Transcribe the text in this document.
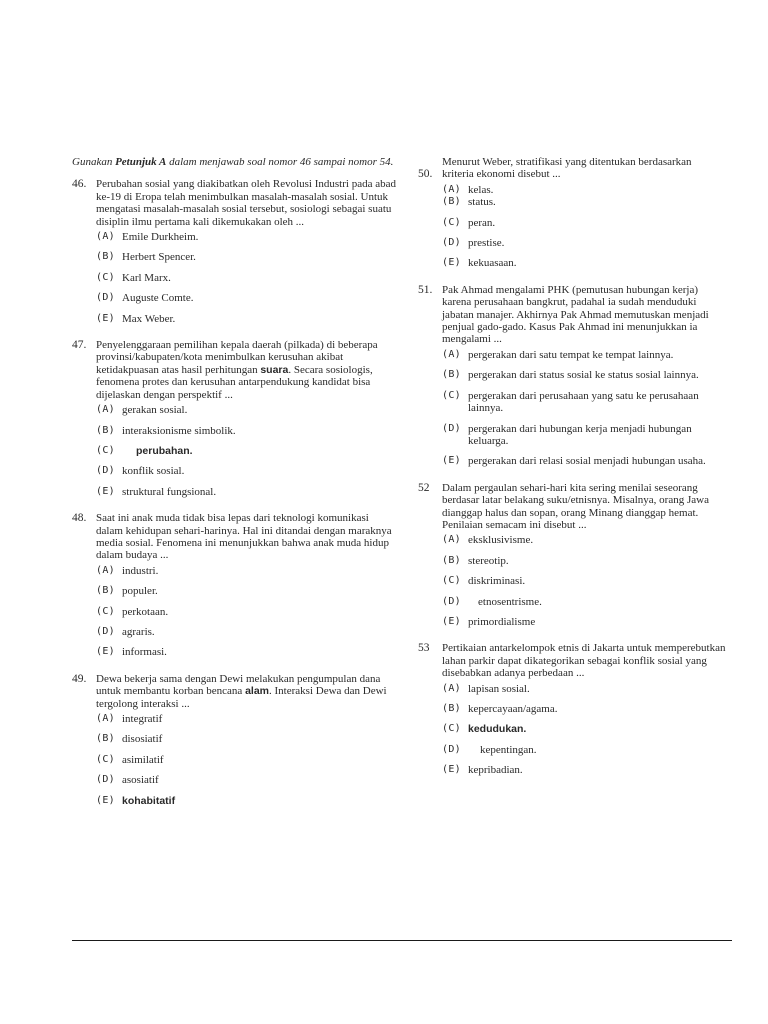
Gunakan Petunjuk A dalam menjawab soal nomor 46 sampai nomor 54.

46. Perubahan sosial yang diakibatkan oleh Revolusi Industri pada abad ke-19 di Eropa telah menimbulkan masalah-masalah sosial. Untuk mengatasi masalah-masalah sosial tersebut, sosiologi sebagai suatu disiplin ilmu pertama kali dikemukakan oleh ...

(A) Emile Durkheim.
(B) Herbert Spencer.
(C) Karl Marx.
(D) Auguste Comte.
(E) Max Weber.
47. Penyelenggaraan pemilihan kepala daerah (pilkada) di beberapa provinsi/kabupaten/kota menimbulkan kerusuhan akibat ketidakpuasan atas hasil perhitungan suara. Secara sosiologis, fenomena protes dan kerusuhan antarpendukung kandidat bisa dijelaskan dengan perspektif ...

(A) gerakan sosial.
(B) interaksionisme simbolik.
(C)	perubahan.
(D) konflik sosial.
(E) struktural fungsional.
48. Saat ini anak muda tidak bisa lepas dari teknologi komunikasi dalam kehidupan sehari-harinya. Hal ini ditandai dengan maraknya media sosial. Fenomena ini menunjukkan bahwa anak muda hidup dalam budaya ...

(A) industri.
(B) populer.
(C) perkotaan.
(D) agraris.
(E) informasi.
49. Dewa bekerja sama dengan Dewi melakukan pengumpulan dana untuk membantu korban bencana alam. Interaksi Dewa dan Dewi tergolong interaksi ...

(A) integratif
(B) disosiatif
(C) asimilatif
(D) asosiatif
(E) kohabitatif

Menurut Weber, stratifikasi yang ditentukan berdasarkan

50. kriteria ekonomi disebut ...

(A) kelas.
(B) status.
(C) peran.
(D) prestise.
(E) kekuasaan.
51. Pak Ahmad mengalami PHK (pemutusan hubungan kerja) karena perusahaan bangkrut, padahal ia sudah menduduki jabatan manajer. Akhirnya Pak Ahmad memutuskan menjadi penjual gado-gado. Kasus Pak Ahmad ini menunjukkan ia mengalami ...

(A) pergerakan dari satu tempat ke tempat lainnya.
(B) pergerakan dari status sosial ke status sosial lainnya.
(C) pergerakan dari perusahaan yang satu ke perusahaan lainnya.
(D) pergerakan dari hubungan kerja menjadi hubungan keluarga.
(E) pergerakan dari relasi sosial menjadi hubungan usaha.
52	Dalam pergaulan sehari-hari kita sering menilai seseorang berdasar latar belakang suku/etnisnya. Misalnya, orang Jawa dianggap halus dan sopan, orang Minang dianggap hemat. Penilaian semacam ini disebut ...

(A) eksklusivisme.
(B) stereotip.
(C) diskriminasi.
(D)	etnosentrisme.
(E) primordialisme
53	Pertikaian antarkelompok etnis di Jakarta untuk memperebutkan lahan parkir dapat dikategorikan sebagai konflik sosial yang disebabkan adanya perbedaan ...

(A) lapisan sosial.
(B) kepercayaan/agama.
(C) kedudukan.
(D)	kepentingan.
(E) kepribadian.
